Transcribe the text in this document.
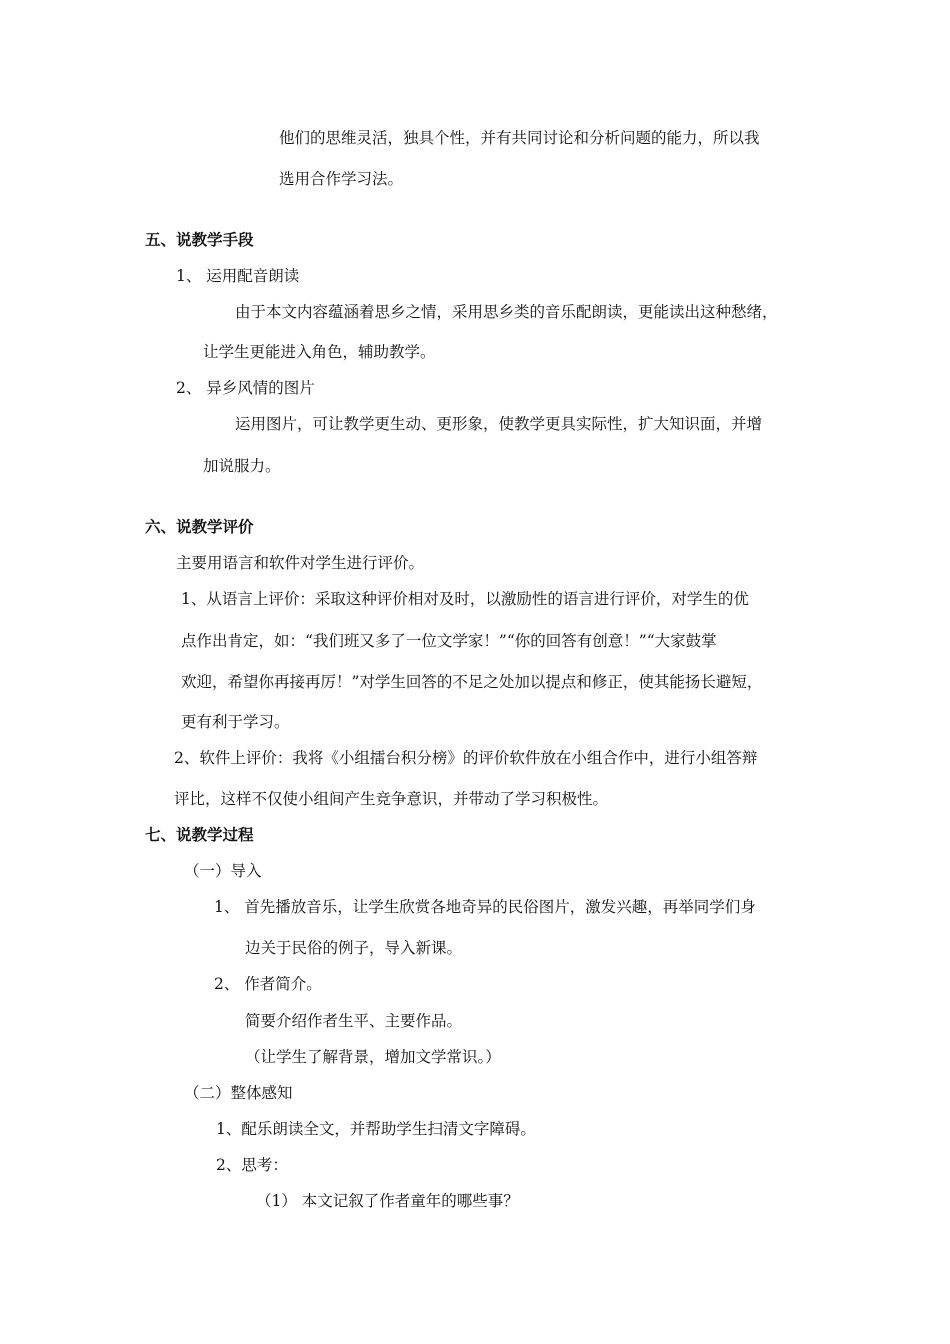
他们的思维灵活，独具个性，并有共同讨论和分析问题的能力，所以我
选用合作学习法。
五、说教学手段
1、 运用配音朗读
由于本文内容蕴涵着思乡之情，采用思乡类的音乐配朗读，更能读出这种愁绪，
让学生更能进入角色，辅助教学。
2、 异乡风情的图片
运用图片，可让教学更生动、更形象，使教学更具实际性，扩大知识面，并增
加说服力。
六、说教学评价
主要用语言和软件对学生进行评价。
1、从语言上评价：采取这种评价相对及时，以激励性的语言进行评价，对学生的优
点作出肯定，如：“我们班又多了一位文学家！”“你的回答有创意！”“大家鼓掌
欢迎，希望你再接再厉！”对学生回答的不足之处加以提点和修正，使其能扬长避短，
更有利于学习。
2、软件上评价：我将《小组擂台积分榜》的评价软件放在小组合作中，进行小组答辩
评比，这样不仅使小组间产生竞争意识，并带动了学习积极性。
七、说教学过程
（一）导入
1、 首先播放音乐，让学生欣赏各地奇异的民俗图片，激发兴趣，再举同学们身
边关于民俗的例子，导入新课。
2、 作者简介。
简要介绍作者生平、主要作品。
（让学生了解背景，增加文学常识。）
（二）整体感知
1、配乐朗读全文，并帮助学生扫清文字障碍。
2、思考：
（1） 本文记叙了作者童年的哪些事？
